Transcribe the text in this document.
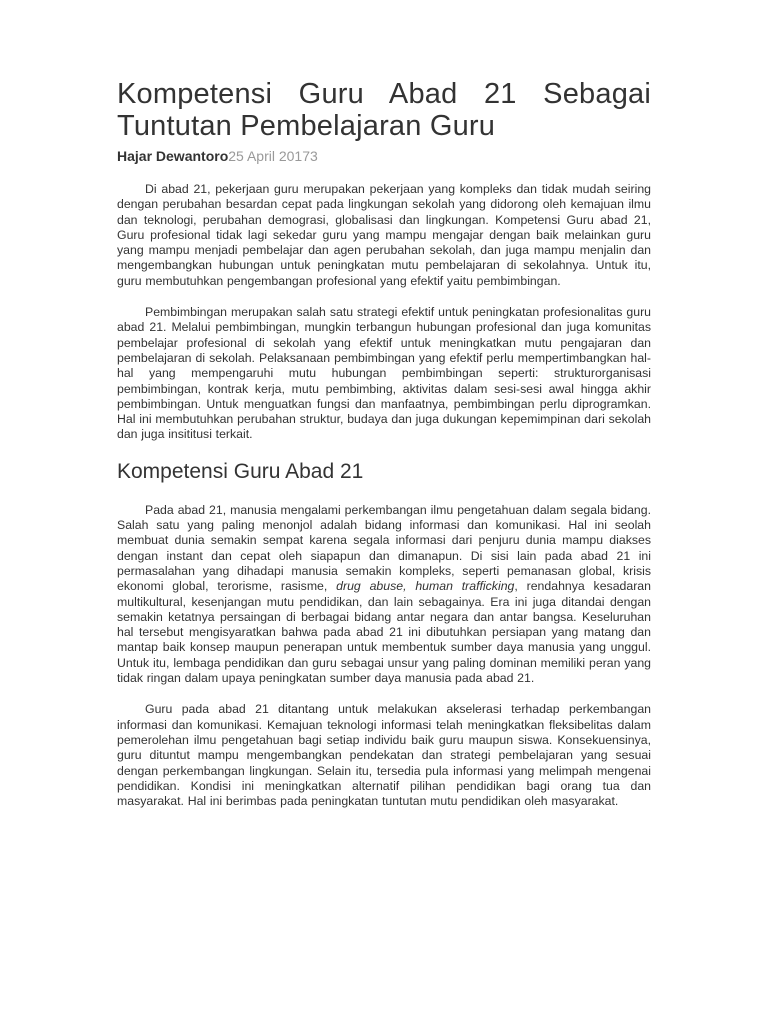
Kompetensi Guru Abad 21 Sebagai Tuntutan Pembelajaran Guru
Hajar Dewantoro25 April 20173

Di abad 21, pekerjaan guru merupakan pekerjaan yang kompleks dan tidak mudah seiring dengan perubahan besardan cepat pada lingkungan sekolah yang didorong oleh kemajuan ilmu dan teknologi, perubahan demograsi, globalisasi dan lingkungan. Kompetensi Guru abad 21, Guru profesional tidak lagi sekedar guru yang mampu mengajar dengan baik melainkan guru yang mampu menjadi pembelajar dan agen perubahan sekolah, dan juga mampu menjalin dan mengembangkan hubungan untuk peningkatan mutu pembelajaran di sekolahnya. Untuk itu, guru membutuhkan pengembangan profesional yang efektif yaitu pembimbingan.

Pembimbingan merupakan salah satu strategi efektif untuk peningkatan profesionalitas guru abad 21. Melalui pembimbingan, mungkin terbangun hubungan profesional dan juga komunitas pembelajar profesional di sekolah yang efektif untuk meningkatkan mutu pengajaran dan pembelajaran di sekolah. Pelaksanaan pembimbingan yang efektif perlu mempertimbangkan hal-hal yang mempengaruhi mutu hubungan pembimbingan seperti: strukturorganisasi pembimbingan, kontrak kerja, mutu pembimbing, aktivitas dalam sesi-sesi awal hingga akhir pembimbingan. Untuk menguatkan fungsi dan manfaatnya, pembimbingan perlu diprogramkan. Hal ini membutuhkan perubahan struktur, budaya dan juga dukungan kepemimpinan dari sekolah dan juga insititusi terkait.

Kompetensi Guru Abad 21

Pada abad 21, manusia mengalami perkembangan ilmu pengetahuan dalam segala bidang. Salah satu yang paling menonjol adalah bidang informasi dan komunikasi. Hal ini seolah membuat dunia semakin sempat karena segala informasi dari penjuru dunia mampu diakses dengan instant dan cepat oleh siapapun dan dimanapun. Di sisi lain pada abad 21 ini permasalahan yang dihadapi manusia semakin kompleks, seperti pemanasan global, krisis ekonomi global, terorisme, rasisme, drug abuse, human trafficking, rendahnya kesadaran multikultural, kesenjangan mutu pendidikan, dan lain sebagainya. Era ini juga ditandai dengan semakin ketatnya persaingan di berbagai bidang antar negara dan antar bangsa. Keseluruhan hal tersebut mengisyaratkan bahwa pada abad 21 ini dibutuhkan persiapan yang matang dan mantap baik konsep maupun penerapan untuk membentuk sumber daya manusia yang unggul. Untuk itu, lembaga pendidikan dan guru sebagai unsur yang paling dominan memiliki peran yang tidak ringan dalam upaya peningkatan sumber daya manusia pada abad 21.

Guru pada abad 21 ditantang untuk melakukan akselerasi terhadap perkembangan informasi dan komunikasi. Kemajuan teknologi informasi telah meningkatkan fleksibelitas dalam pemerolehan ilmu pengetahuan bagi setiap individu baik guru maupun siswa. Konsekuensinya, guru dituntut mampu mengembangkan pendekatan dan strategi pembelajaran yang sesuai dengan perkembangan lingkungan. Selain itu, tersedia pula informasi yang melimpah mengenai pendidikan. Kondisi ini meningkatkan alternatif pilihan pendidikan bagi orang tua dan masyarakat. Hal ini berimbas pada peningkatan tuntutan mutu pendidikan oleh masyarakat.
